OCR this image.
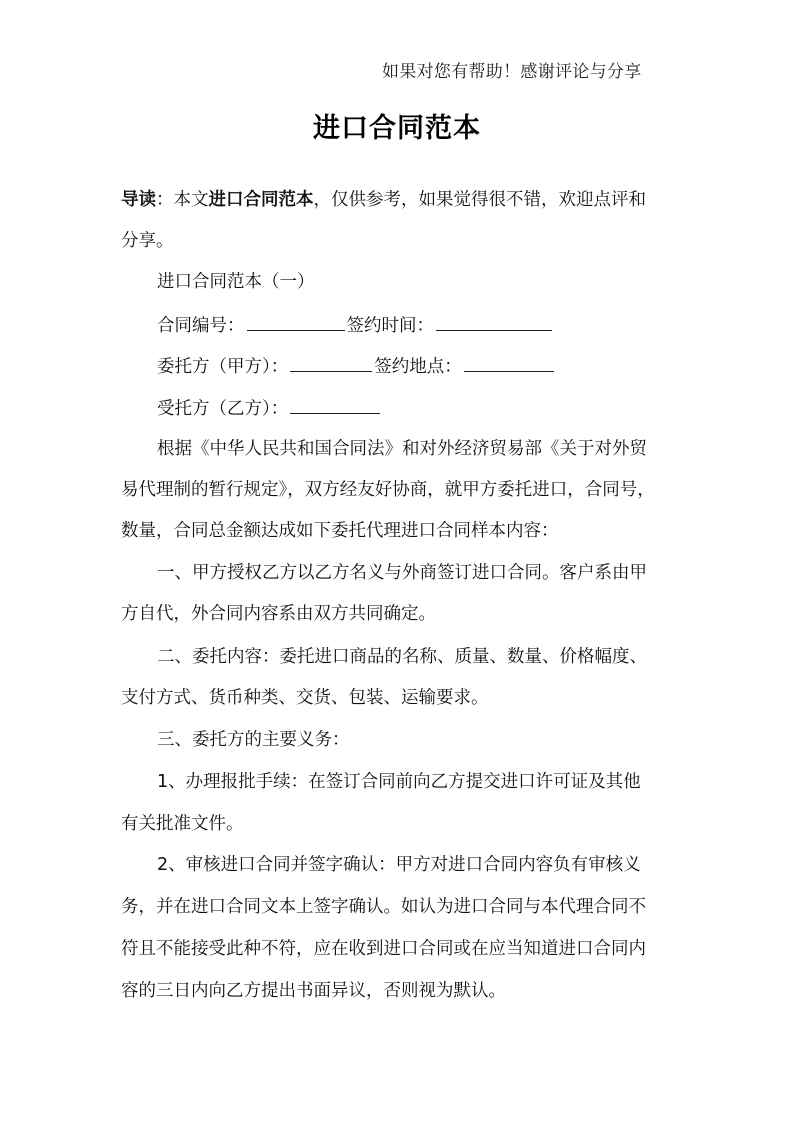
如果对您有帮助！感谢评论与分享
进口合同范本
导读：本文进口合同范本，仅供参考，如果觉得很不错，欢迎点评和
分享。
进口合同范本（一）
合同编号：	签约时间：
委托方（甲方）：	签约地点：
受托方（乙方）：
根据《中华人民共和国合同法》和对外经济贸易部《关于对外贸
易代理制的暂行规定》，双方经友好协商，就甲方委托进口，合同号，
数量，合同总金额达成如下委托代理进口合同样本内容：
一、甲方授权乙方以乙方名义与外商签订进口合同。客户系由甲
方自代，外合同内容系由双方共同确定。
二、委托内容：委托进口商品的名称、质量、数量、价格幅度、
支付方式、货币种类、交货、包装、运输要求。
三、委托方的主要义务：
1、办理报批手续：在签订合同前向乙方提交进口许可证及其他
有关批准文件。
2、审核进口合同并签字确认：甲方对进口合同内容负有审核义
务，并在进口合同文本上签字确认。如认为进口合同与本代理合同不
符且不能接受此种不符，应在收到进口合同或在应当知道进口合同内
容的三日内向乙方提出书面异议，否则视为默认。
